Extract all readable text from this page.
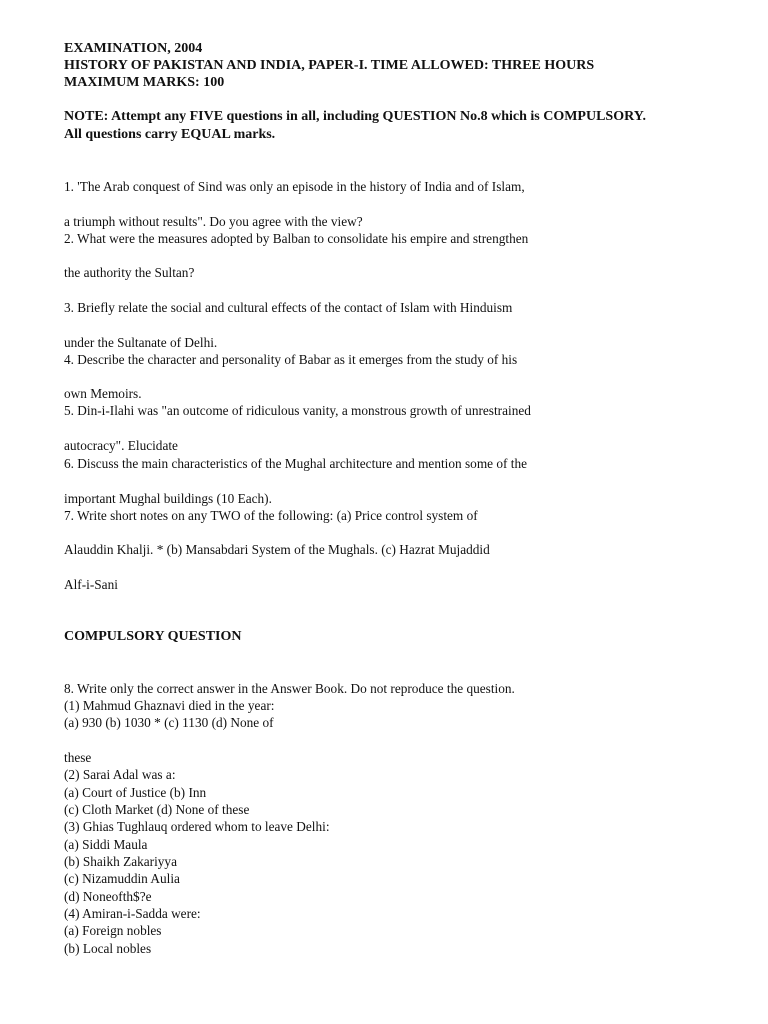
EXAMINATION, 2004
HISTORY OF PAKISTAN AND INDIA, PAPER-I. TIME ALLOWED: THREE HOURS
MAXIMUM MARKS: 100
NOTE: Attempt any FIVE questions in all, including QUESTION No.8 which is COMPULSORY.
All questions carry EQUAL marks.
1. 'The Arab conquest of Sind was only an episode in the history of India and of Islam,
a triumph without results". Do you agree with the view?
2. What were the measures adopted by Balban to consolidate his empire and strengthen
the authority the Sultan?
3. Briefly relate the social and cultural effects of the contact of Islam with Hinduism
under the Sultanate of Delhi.
4. Describe the character and personality of Babar as it emerges from the study of his
own Memoirs.
5. Din-i-Ilahi was "an outcome of ridiculous vanity, a monstrous growth of unrestrained
autocracy". Elucidate
6. Discuss the main characteristics of the Mughal architecture and mention some of the
important Mughal buildings (10 Each).
7. Write short notes on any TWO of the following: (a) Price control system of
Alauddin Khalji. * (b) Mansabdari System of the Mughals. (c) Hazrat Mujaddid
Alf-i-Sani
COMPULSORY QUESTION
8. Write only the correct answer in the Answer Book. Do not reproduce the question.
(1) Mahmud Ghaznavi died in the year:
(a) 930 (b) 1030 * (c) 1130 (d) None of
these
(2) Sarai Adal was a:
(a) Court of Justice (b) Inn
(c) Cloth Market (d) None of these
(3) Ghias Tughlauq ordered whom to leave Delhi:
(a) Siddi Maula
(b) Shaikh Zakariyya
(c) Nizamuddin Aulia
(d) Noneofth$?e
(4) Amiran-i-Sadda were:
(a) Foreign nobles
(b) Local nobles
